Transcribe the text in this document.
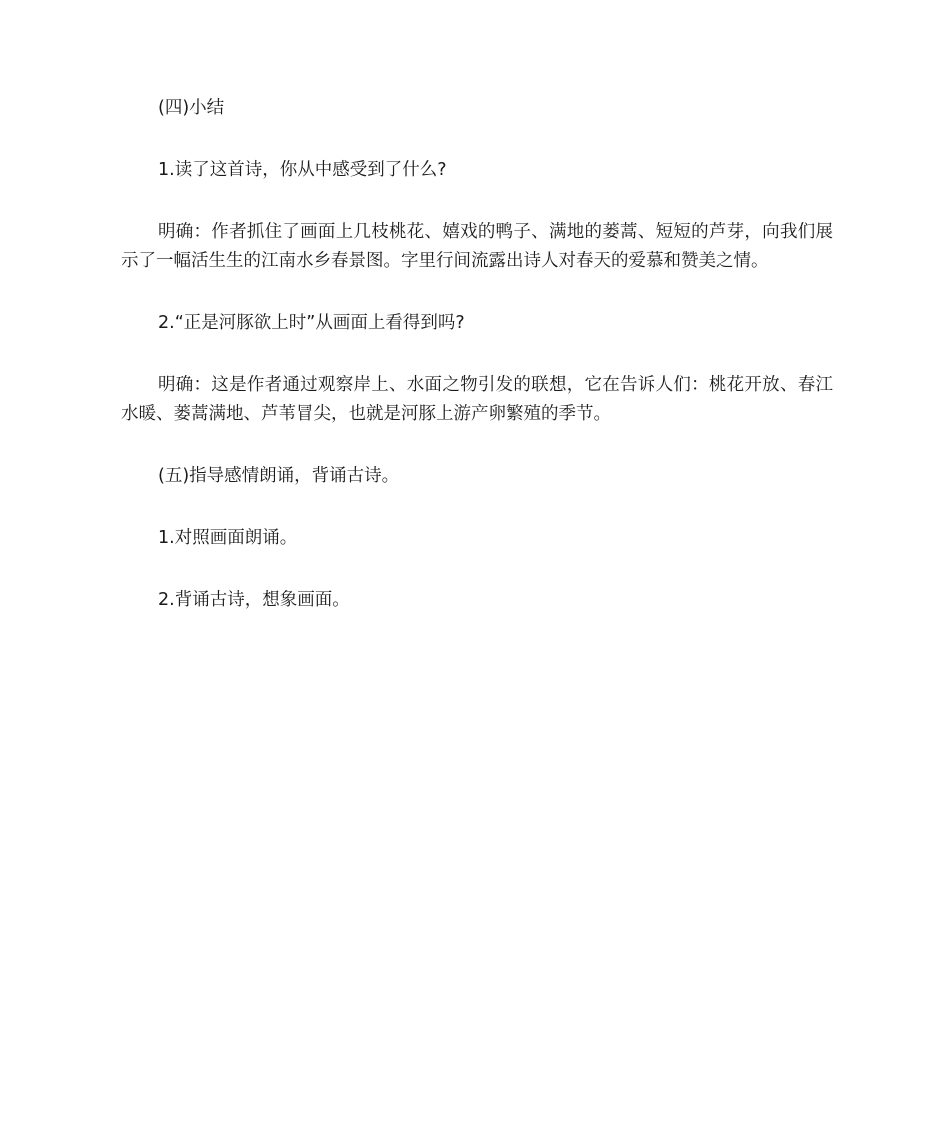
(四)小结

1.读了这首诗，你从中感受到了什么?

明确：作者抓住了画面上几枝桃花、嬉戏的鸭子、满地的蒌蒿、短短的芦芽，向我们展示了一幅活生生的江南水乡春景图。字里行间流露出诗人对春天的爱慕和赞美之情。

2.“正是河豚欲上时”从画面上看得到吗?

明确：这是作者通过观察岸上、水面之物引发的联想，它在告诉人们：桃花开放、春江水暖、蒌蒿满地、芦苇冒尖，也就是河豚上游产卵繁殖的季节。

(五)指导感情朗诵，背诵古诗。

1.对照画面朗诵。

2.背诵古诗，想象画面。
